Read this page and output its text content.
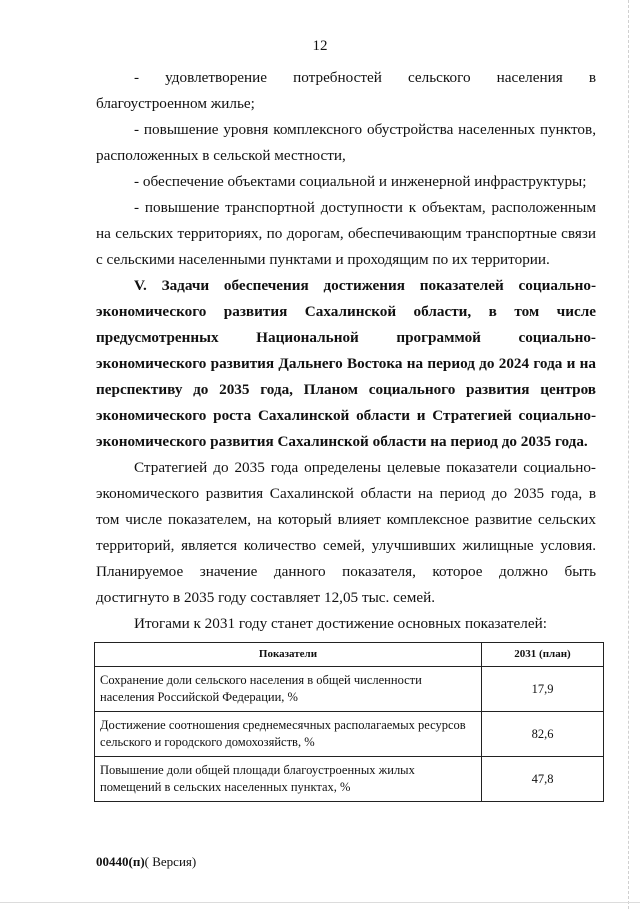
12

- удовлетворение потребностей сельского населения в благоустроенном жилье;

- повышение уровня комплексного обустройства населенных пунктов, расположенных в сельской местности,

- обеспечение объектами социальной и инженерной инфраструктуры;

- повышение транспортной доступности к объектам, расположенным на сельских территориях, по дорогам, обеспечивающим транспортные связи с сельскими населенными пунктами и проходящим по их территории.

V. Задачи обеспечения достижения показателей социально-экономического развития Сахалинской области, в том числе предусмотренных Национальной программой социально-экономического развития Дальнего Востока на период до 2024 года и на перспективу до 2035 года, Планом социального развития центров экономического роста Сахалинской области и Стратегией социально-экономического развития Сахалинской области на период до 2035 года.

Стратегией до 2035 года определены целевые показатели социально-экономического развития Сахалинской области на период до 2035 года, в том числе показателем, на который влияет комплексное развитие сельских территорий, является количество семей, улучшивших жилищные условия. Планируемое значение данного показателя, которое должно быть достигнуто в 2035 году составляет 12,05 тыс. семей.

Итогами к 2031 году станет достижение основных показателей:

Показатели	2031 (план)
Сохранение доли сельского населения в общей численности населения Российской Федерации, %	17,9
Достижение соотношения среднемесячных располагаемых ресурсов сельского и городского домохозяйств, %	82,6
Повышение доли общей площади благоустроенных жилых помещений в сельских населенных пунктах, %	47,8
00440(п)( Версия)
